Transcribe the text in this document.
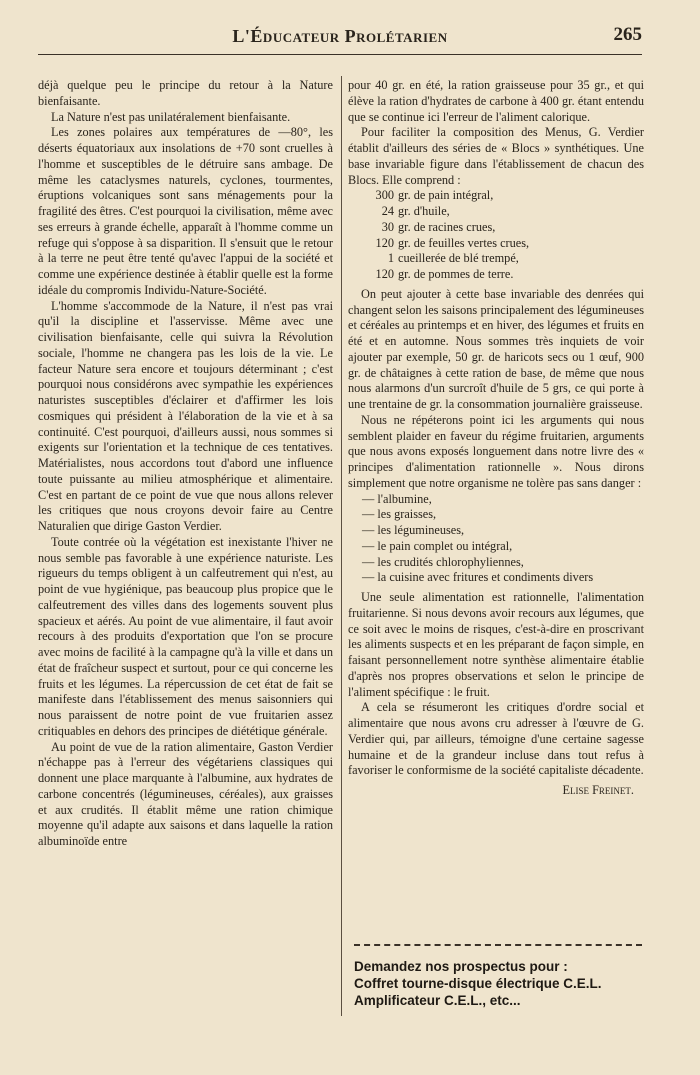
L'Éducateur Prolétarien	265

déjà quelque peu le principe du retour à la Nature bienfaisante.

La Nature n'est pas unilatéralement bienfaisante.

Les zones polaires aux températures de —80°, les déserts équatoriaux aux insolations de +70 sont cruelles à l'homme et susceptibles de le détruire sans ambage. De même les cataclysmes naturels, cyclones, tourmentes, éruptions volcaniques sont sans ménagements pour la fragilité des êtres. C'est pourquoi la civilisation, même avec ses erreurs à grande échelle, apparaît à l'homme comme un refuge qui s'oppose à sa disparition. Il s'ensuit que le retour à la terre ne peut être tenté qu'avec l'appui de la société et comme une expérience destinée à établir quelle est la forme idéale du compromis Individu-Nature-Société.

L'homme s'accommode de la Nature, il n'est pas vrai qu'il la discipline et l'asservisse. Même avec une civilisation bienfaisante, celle qui suivra la Révolution sociale, l'homme ne changera pas les lois de la vie. Le facteur Nature sera encore et toujours déterminant ; c'est pourquoi nous considérons avec sympathie les expériences naturistes susceptibles d'éclairer et d'affirmer les lois cosmiques qui président à l'élaboration de la vie et à sa continuité. C'est pourquoi, d'ailleurs aussi, nous sommes si exigents sur l'orientation et la technique de ces tentatives. Matérialistes, nous accordons tout d'abord une influence toute puissante au milieu atmosphérique et alimentaire. C'est en partant de ce point de vue que nous allons relever les critiques que nous croyons devoir faire au Centre Naturalien que dirige Gaston Verdier.

Toute contrée où la végétation est inexistante l'hiver ne nous semble pas favorable à une expérience naturiste. Les rigueurs du temps obligent à un calfeutrement qui n'est, au point de vue hygiénique, pas beaucoup plus propice que le calfeutrement des villes dans des logements souvent plus spacieux et aérés. Au point de vue alimentaire, il faut avoir recours à des produits d'exportation que l'on se procure avec moins de facilité à la campagne qu'à la ville et dans un état de fraîcheur suspect et surtout, pour ce qui concerne les fruits et les légumes. La répercussion de cet état de fait se manifeste dans l'établissement des menus saisonniers qui nous paraissent de notre point de vue fruitarien assez critiquables en dehors des principes de diététique générale.

Au point de vue de la ration alimentaire, Gaston Verdier n'échappe pas à l'erreur des végétariens classiques qui donnent une place marquante à l'albumine, aux hydrates de carbone concentrés (légumineuses, céréales), aux graisses et aux crudités. Il établit même une ration chimique moyenne qu'il adapte aux saisons et dans laquelle la ration albuminoïde entre

pour 40 gr. en été, la ration graisseuse pour 35 gr., et qui élève la ration d'hydrates de carbone à 400 gr. étant entendu que se continue ici l'erreur de l'aliment calorique.

Pour faciliter la composition des Menus, G. Verdier établit d'ailleurs des séries de « Blocs » synthétiques. Une base invariable figure dans l'établissement de chacun des Blocs. Elle comprend :

300 gr. de pain intégral,
24 gr. d'huile,
30 gr. de racines crues,
120 gr. de feuilles vertes crues,
1 cueillerée de blé trempé,
120 gr. de pommes de terre.

On peut ajouter à cette base invariable des denrées qui changent selon les saisons principalement des légumineuses et céréales au printemps et en hiver, des légumes et fruits en été et en automne. Nous sommes très inquiets de voir ajouter par exemple, 50 gr. de haricots secs ou 1 œuf, 900 gr. de châtaignes à cette ration de base, de même que nous nous alarmons d'un surcroît d'huile de 5 grs, ce qui porte à une trentaine de gr. la consommation journalière graisseuse.

Nous ne répéterons point ici les arguments qui nous semblent plaider en faveur du régime fruitarien, arguments que nous avons exposés longuement dans notre livre des « principes d'alimentation rationnelle ». Nous dirons simplement que notre organisme ne tolère pas sans danger :

— l'albumine,
— les graisses,
— les légumineuses,
— le pain complet ou intégral,
— les crudités chlorophyliennes,
— la cuisine avec fritures et condiments divers

Une seule alimentation est rationnelle, l'alimentation fruitarienne. Si nous devons avoir recours aux légumes, que ce soit avec le moins de risques, c'est-à-dire en proscrivant les aliments suspects et en les préparant de façon simple, en faisant personnellement notre synthèse alimentaire établie d'après nos propres observations et selon le principe de l'aliment spécifique : le fruit.

A cela se résumeront les critiques d'ordre social et alimentaire que nous avons cru adresser à l'œuvre de G. Verdier qui, par ailleurs, témoigne d'une certaine sagesse humaine et de la grandeur incluse dans tout refus à favoriser le conformisme de la société capitaliste décadente.

Elise Freinet.
Demandez nos prospectus pour :
Coffret tourne-disque électrique C.E.L.
Amplificateur C.E.L., etc...
